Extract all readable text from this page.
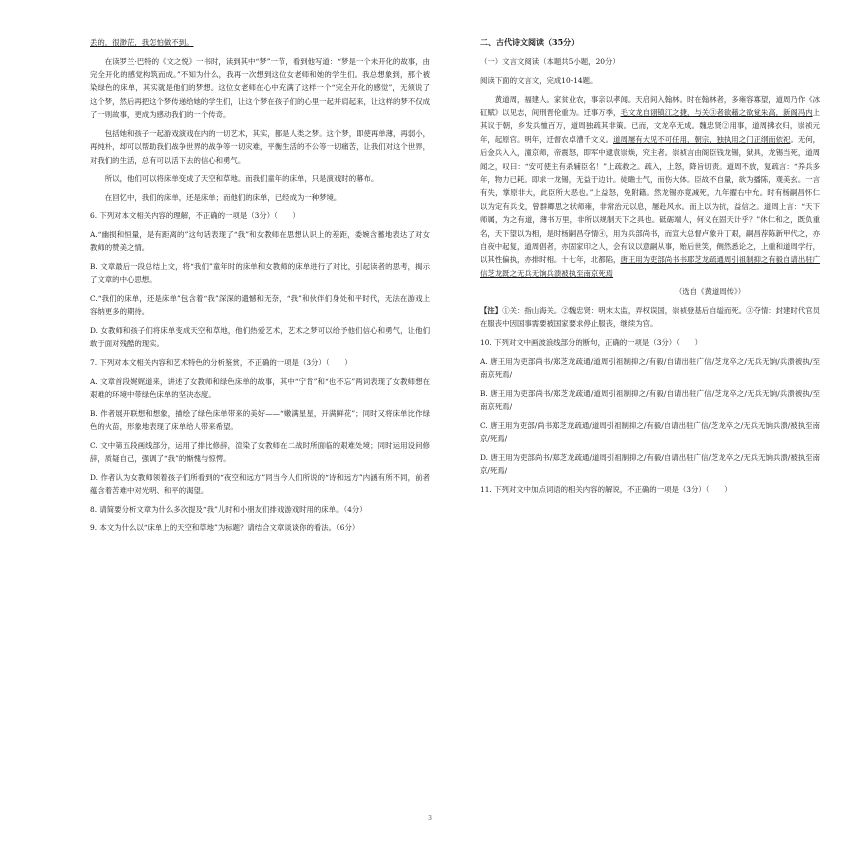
丢的，很渺茫，我怎怕做不到。

在读罗兰·巴特的《文之悦》一书时，读到其中“梦”一节，看到他写道：“梦是一个未开化的故事，由完全开化的感觉构筑而成。”不知为什么，我再一次想到这位女老师和她的学生们。我总想象到，那个被染绿色的床单，其实就是他们的梦想。这位女老师在心中充满了这样一个“完全开化的感觉”，无须说了这个梦，然后再把这个梦传递给她的学生们，让这个梦在孩子们的心里一起并肩起来，让这样的梦不仅成了一则故事，更成为感动我们的一个传奇。

包括她和孩子一起游戏演戏在内的一切艺术，其实，都是人类之梦。这个梦，即使再单薄，再弱小，再纯朴，却可以帮助我们战争世界的战争等一切灾难，平衡生活的不公等一切痛苦，让我们对这个世界，对我们的生活，总有可以活下去的信心和勇气。

所以，他们可以将床单变成了天空和草地。而我们童年的床单，只是演戏时的幕布。

在回忆中，我们的床单，还是床单；而他们的床单，已经成为一种梦境。

6. 下列对本文相关内容的理解，不正确的一项是（3分）（　　）

A.“幽损和恒量，是有距离的”这句话表现了“我”和女教师在思想认识上的差距，委婉含蓄地表达了对女教师的赞美之情。

B. 文章最后一段总结上文，将“我们”童年时的床单和女教师的床单进行了对比，引起读者的思考，揭示了文章的中心思想。

C.“我们的床单，还是床单”包含着“我”深深的遗憾和无奈，“我”和伙伴们身处和平时代，无法在游戏上容纳更多的期待。

D. 女教师和孩子们将床单变成天空和草地，他们热爱艺术，艺术之梦可以给予他们信心和勇气，让他们敢于面对残酷的现实。

7. 下列对本文相关内容和艺术特色的分析鉴赏，不正确的一项是（3分）（　　）

A. 文章首段娓娓道来，讲述了女教师和绿色床单的故事，其中“宁肯”和“也不忘”两词表现了女教师想在艰难的环境中带绿色床单的坚决态度。

B. 作者展开联想和想象，描绘了绿色床单带来的美好——“嫩满星星，开满鲜花”；同时又将床单比作绿色的火苗，形象地表现了床单给人带来希望。

C. 文中第五段画线部分，运用了排比修辞，渲染了女教师在二战时所面临的艰难处境；同时运用设问修辞，质疑自己，强调了“我”的惭愧与惊愕。

D. 作者认为女教师领着孩子们所看到的“夜空和远方”同当今人们所说的“诗和远方”内涵有所不同，前者蕴含着苦难中对光明、和平的渴望。

8. 请简要分析文章为什么多次提及“我”儿时和小朋友们排戏游戏时用的床单。（4分）

9. 本文为什么以“床单上的天空和草地”为标题？请结合文章谈谈你的看法。（6分）

二、古代诗文阅读（35分）

（一）文言文阅读（本题共5小题，20分）

阅读下面的文言文，完成10-14题。

黄道周，福建人。家贫业农，事亲以孝闻。天启间入翰林。时在翰林者，多雍容寡望，道周乃作《冰矼赋》以见志，间刑晋伦重为。迁事万季，毛文龙自诩镇江之捷，与关③者欲藉之欲覚朱高，新阁冯内上其议于朝，乡发兵恤百万，道周独疏其非策。已而，文龙卒无成。魏忠贤②用事，道周拂衣归，崇祯元年，起原官。明年，迁督农卓漕千文义。道周屡有大见不可任用，朝宗，独执用之门正纲而依祀。无何，后金兵入入，潼京师，帝震怒，即军中逮袁崇焕，究主者。崇祯言由阁臣钱龙锡，狱具，龙锡当死，道周闻之，叹曰：“安可使主有杀辅臣名！”上疏救之。疏入，上怒，降旨切责。道周不放，复疏言：“养兵多年，物力已耗。即求一龙锡，无益于边计。徒瞻士气，而伤大体。臣故不自量，欲为播陈，观美玄。一言有失，掌原非大，此臣所大恶也。”上益怒，免附籍。然龙锡亦竟减死，九年擢右中允。时有杨嗣昌怀仁以为定有兵戈，曾群卿思之状师雍，非常治元以息，屡赴风水。而上以为抗，益信之。道周上言：“天下师属，为之有道，薄书万里，非所以规制天下之具也。砥砺端人，何义在固天计乎？”休仁和之，既负重名，天下望以为相，是时杨嗣昌夺情④，用为兵部尚书，而宣大总督卢象升丁艰，嗣昌荐陈新甲代之，亦自夜中起复，道周倡者，亦固家印之人，会有议以意嗣从事，贻后世笑，侧然悉论之，上重和道周学行，以其性偏执，亦排时相。十七年，北都陷，唐王用为吏部尚书书耶芝龙疏通周引祖制抑之有毅自请出驻广信芝龙既之无兵无饷兵溃被执至南京死焉

（选自《黄道周传》）

【注】①关：指山海关。②魏忠贤：明末太监，弄权误国，崇祯登基后自缢而死。③夺情：封建时代官员在服丧中因国事需要被国家要求停止服丧，继续为官。

10. 下列对文中画波浪线部分的断句，正确的一项是（3分）（　　）

A. 唐王用为吏部尚书/郑芝龙疏通/道周引祖制抑之/有毅/自请出驻广信/芝龙卒之/无兵无饷/兵溃被执/至南京死焉/

B. 唐王用为吏部尚书/郑芝龙疏通/道周引祖制抑之/有毅/自请出驻广信/芝龙卒之/无兵无饷/兵溃被执/至南京死焉/

C. 唐王用为吏部/尚书郑芝龙疏通/道周引祖制抑之/有毅/自请出驻广信/芝龙卒之/无兵无饷兵溃/被执至南京/死焉/

D. 唐王用为吏部尚书/郑芝龙疏通/道周引祖制抑之/有毅/自请出驻广信/芝龙卒之/无兵无饷兵溃/被执至南京/死焉/

11. 下列对文中加点词语的相关内容的解说，不正确的一项是（3分）（　　）

3
